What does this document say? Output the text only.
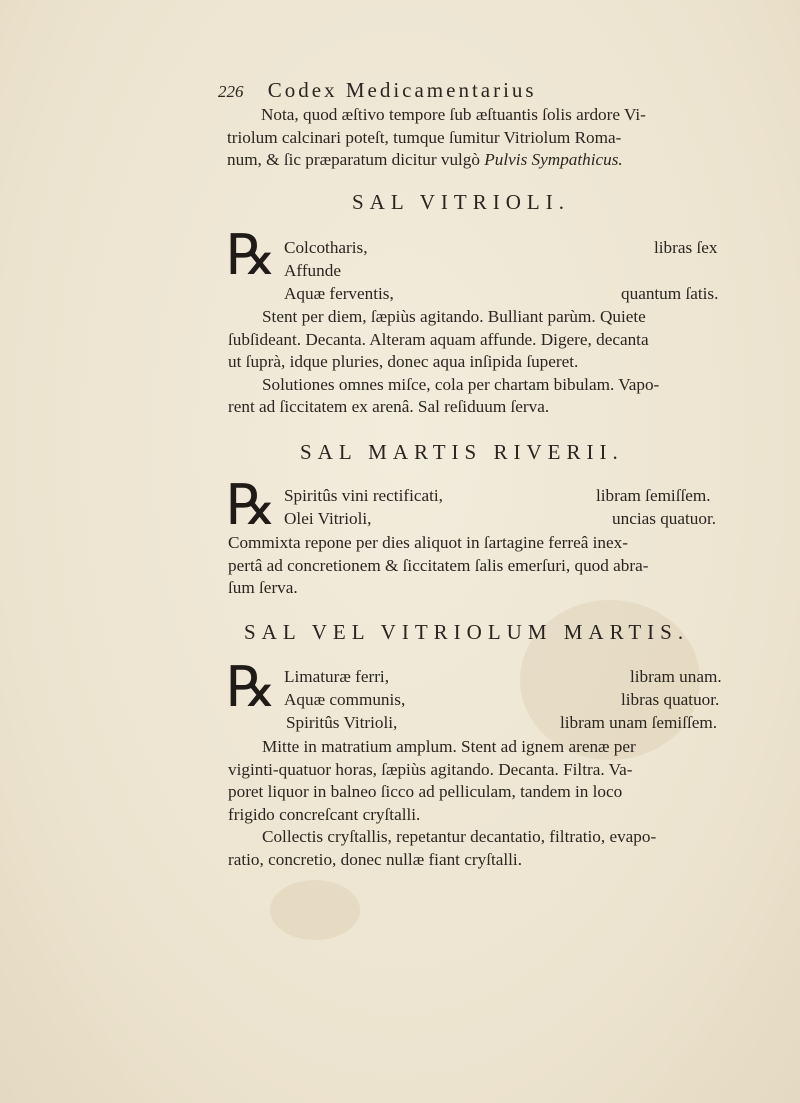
226 Codex Medicamentarius
Nota, quod æſtivo tempore ſub æſtuantis ſolis ardore Vi-
triolum calcinari poteſt, tumque ſumitur Vitriolum Roma-
num, & ſic præparatum dicitur vulgò Pulvis Sympathicus.
SAL VITRIOLI.
℞ Colcotharis,	libras ſex
Affunde
Aquæ ferventis,	quantum ſatis.
Stent per diem, ſæpiùs agitando. Bulliant parùm. Quiete
ſubſideant. Decanta. Alteram aquam affunde. Digere, decanta
ut ſuprà, idque pluries, donec aqua inſipida ſuperet.
Solutiones omnes miſce, cola per chartam bibulam. Vapo-
rent ad ſiccitatem ex arenâ. Sal reſiduum ſerva.
SAL MARTIS RIVERII.
℞ Spiritûs vini rectificati,	libram ſemiſſem.
Olei Vitrioli,	uncias quatuor.
Commixta repone per dies aliquot in ſartagine ferreâ inex-
pertâ ad concretionem & ſiccitatem ſalis emerſuri, quod abra-
ſum ſerva.
SAL VEL VITRIOLUM MARTIS.
℞ Limaturæ ferri,	libram unam.
Aquæ communis,	libras quatuor.
Spiritûs Vitrioli,	libram unam ſemiſſem.
Mitte in matratium amplum. Stent ad ignem arenæ per
viginti-quatuor horas, ſæpiùs agitando. Decanta. Filtra. Va-
poret liquor in balneo ſicco ad pelliculam, tandem in loco
frigido concreſcant cryſtalli.
Collectis cryſtallis, repetantur decantatio, filtratio, evapo-
ratio, concretio, donec nullæ fiant cryſtalli.
